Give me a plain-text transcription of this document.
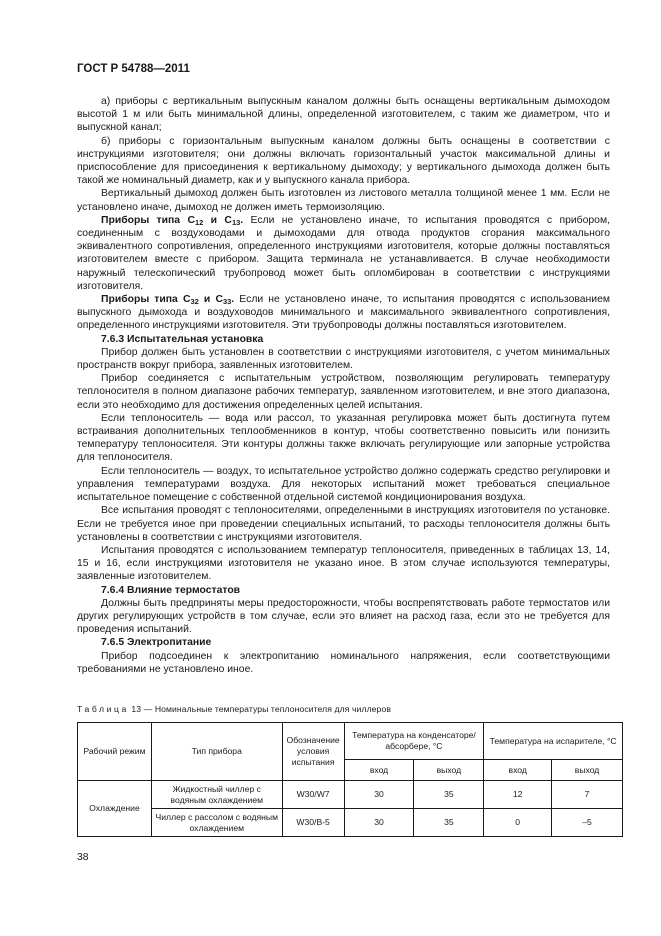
ГОСТ Р 54788—2011

а) приборы с вертикальным выпускным каналом должны быть оснащены вертикальным дымоходом высотой 1 м или быть минимальной длины, определенной изготовителем, с таким же диаметром, что и выпускной канал;

б) приборы с горизонтальным выпускным каналом должны быть оснащены в соответствии с инструкциями изготовителя; они должны включать горизонтальный участок максимальной длины и приспособление для присоединения к вертикальному дымоходу; у вертикального дымохода должен быть такой же номинальный диаметр, как и у выпускного канала прибора.

Вертикальный дымоход должен быть изготовлен из листового металла толщиной менее 1 мм. Если не установлено иначе, дымоход не должен иметь термоизоляцию.

Приборы типа $С_{12}$ и $С_{13}$. Если не установлено иначе, то испытания проводятся с прибором, соединенным с воздуховодами и дымоходами для отвода продуктов сгорания максимального эквивалентного сопротивления, определенного инструкциями изготовителя, которые должны поставляться изготовителем вместе с прибором. Защита терминала не устанавливается. В случае необходимости наружный телескопический трубопровод может быть опломбирован в соответствии с инструкциями изготовителя.

Приборы типа $С_{32}$ и $С_{33}$. Если не установлено иначе, то испытания проводятся с использованием выпускного дымохода и воздуховодов минимального и максимального эквивалентного сопротивления, определенного инструкциями изготовителя. Эти трубопроводы должны поставляться изготовителем.

7.6.3 Испытательная установка

Прибор должен быть установлен в соответствии с инструкциями изготовителя, с учетом минимальных пространств вокруг прибора, заявленных изготовителем.

Прибор соединяется с испытательным устройством, позволяющим регулировать температуру теплоносителя в полном диапазоне рабочих температур, заявленном изготовителем, и вне этого диапазона, если это необходимо для достижения определенных целей испытания.

Если теплоноситель — вода или рассол, то указанная регулировка может быть достигнута путем встраивания дополнительных теплообменников в контур, чтобы соответственно повысить или понизить температуру теплоносителя. Эти контуры должны также включать регулирующие или запорные устройства для теплоносителя.

Если теплоноситель — воздух, то испытательное устройство должно содержать средство регулировки и управления температурами воздуха. Для некоторых испытаний может требоваться специальное испытательное помещение с собственной отдельной системой кондиционирования воздуха.

Все испытания проводят с теплоносителями, определенными в инструкциях изготовителя по установке. Если не требуется иное при проведении специальных испытаний, то расходы теплоносителя должны быть установлены в соответствии с инструкциями изготовителя.

Испытания проводятся с использованием температур теплоносителя, приведенных в таблицах 13, 14, 15 и 16, если инструкциями изготовителя не указано иное. В этом случае используются температуры, заявленные изготовителем.

7.6.4 Влияние термостатов

Должны быть предприняты меры предосторожности, чтобы воспрепятствовать работе термостатов или других регулирующих устройств в том случае, если это влияет на расход газа, если это не требуется для проведения испытаний.

7.6.5 Электропитание

Прибор подсоединен к электропитанию номинального напряжения, если соответствующими требованиями не установлено иное.

Таблица 13 — Номинальные температуры теплоносителя для чиллеров
Рабочий режим	Тип прибора	Обозначение условия испытания	Температура на конденсаторе/абсорбере, °С		Температура на испарителе, °С	
			вход	выход	вход	выход
Охлаждение	Жидкостный чиллер с водяным охлаждением	W30/W7	30	35	12	7
	Чиллер с рассолом с водяным охлаждением	W30/B-5	30	35	0	–5
38
